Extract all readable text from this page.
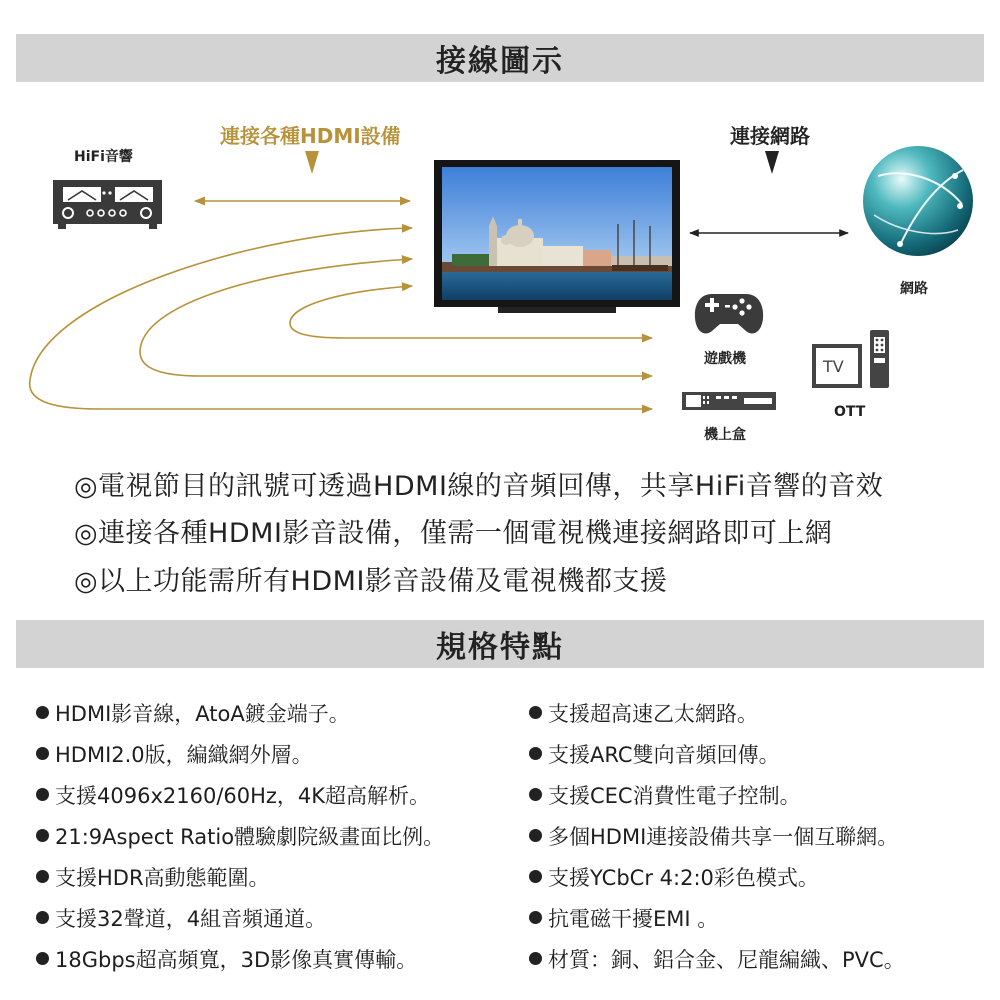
接線圖示
HiFi音響
連接各種HDMI設備	連接網路
網路
遊戲機	TV
OTT
機上盒
◎電視節目的訊號可透過HDMI線的音頻回傳，共享HiFi音響的音效
◎連接各種HDMI影音設備，僅需一個電視機連接網路即可上網
◎以上功能需所有HDMI影音設備及電視機都支援
規格特點
HDMI影音線，AtoA鍍金端子。
HDMI2.0版，編織網外層。
支援4096x2160/60Hz，4K超高解析。
21:9Aspect Ratio體驗劇院級畫面比例。
支援HDR高動態範圍。
支援32聲道，4組音頻通道。
18Gbps超高頻寬，3D影像真實傳輸。
支援超高速乙太網路。
支援ARC雙向音頻回傳。
支援CEC消費性電子控制。
多個HDMI連接設備共享一個互聯網。
支援YCbCr 4:2:0彩色模式。
抗電磁干擾EMI 。
材質：銅、鋁合金、尼龍編織、PVC。
